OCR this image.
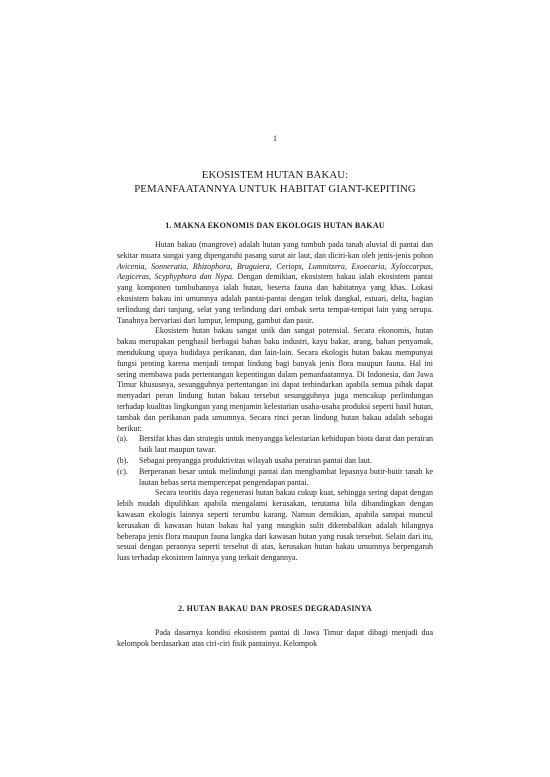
1
EKOSISTEM HUTAN BAKAU:
PEMANFAATANNYA UNTUK HABITAT GIANT-KEPITING
1. MAKNA EKONOMIS DAN EKOLOGIS HUTAN BAKAU

Hutan bakau (mangrove) adalah hutan yang tumbuh pada tanah aluvial di pantai dan sekitar muara sungai yang dipengaruhi pasang surut air laut, dan diciri-kan oleh jenis-jenis pohon Avicenia, Sonneratia, Rhizophora, Bruguiera, Ceriops, Lumnitzera, Exoecaria, Xyloccarpus, Aegiceras, Scyphyphora dan Nypa. Dengan demikian, ekosistem bakau ialah ekosistem pantai yang komponen tumbuhannya ialah hutan, beserta fauna dan habitatnya yang khas. Lokasi ekosistem bakau ini umumnya adalah pantai-pantai dengan teluk dangkal, estuari, delta, bagian terlindung dari tanjung, selat yang terlindung dari ombak serta tempat-tempat lain yang serupa. Tanahnya bervariasi dari lumpur, lempung, gambut dan pasir.

Ekosistem hutan bakau sangat unik dan sangat potensial. Secara ekonomis, hutan bakau merupakan penghasil berbagai bahan baku industri, kayu bakar, arang, bahan penyamak, mendukung upaya budidaya perikanan, dan lain-lain. Secara ekologis hutan bakau mempunyai fungsi penting karena menjadi tempat lindung bagi banyak jenis flora maupun fauna. Hal ini sering membawa pada pertentangan kepentingan dalam pemanfaatannya. Di Indonesia, dan Jawa Timur khususnya, sesungguhnya pertentangan ini dapat terhindarkan apabila semua pihak dapat menyadari peran lindung hutan bakau tersebut sesungguhnya juga mencakup perlindungan terhadap kualitas lingkungan yang menjamin kelestarian usaha-usaha produksi seperti hasil hutan, tambak dan perikanan pada umumnya. Secara rinci peran lindung hutan bakau adalah sebagai berikut:

(a). Bersifat khas dan strategis untuk menyangga kelestarian kehidupan biota darat dan perairan baik laut maupun tawar.
(b). Sebagai penyangga produktivitas wilayah usaha perairan pantai dan laut.
(c). Berperanan besar untuk melindungi pantai dan menghambat lepasnya butir-butir tanah ke lautan bebas serta mempercepat pengendapan pantai.

Secara teoritis daya regenerasi hutan bakau cukup kuat, sehingga sering dapat dengan lebih mudah dipulihkan apabila mengalami kerusakan, terutama bila dibandingkan dengan kawasan ekologis lainnya seperti terumbu karang. Namun demikian, apabila sampai muncul kerusakan di kawasan hutan bakau hal yang mungkin sulit dikembalikan adalah hilangnya beberapa jenis flora maupun fauna langka dari kawasan hutan yang rusak tersebut. Selain dari itu, sesuai dengan perannya seperti tersebut di atas, kerusakan hutan bakau umumnya berpengaruh luas terhadap ekosistem lainnya yang terkait dengannya.

2. HUTAN BAKAU DAN PROSES DEGRADASINYA

Pada dasarnya kondisi ekosistem pantai di Jawa Timur dapat dibagi menjadi dua kelompok berdasarkan atas ciri-ciri fisik pantainya. Kelompok
